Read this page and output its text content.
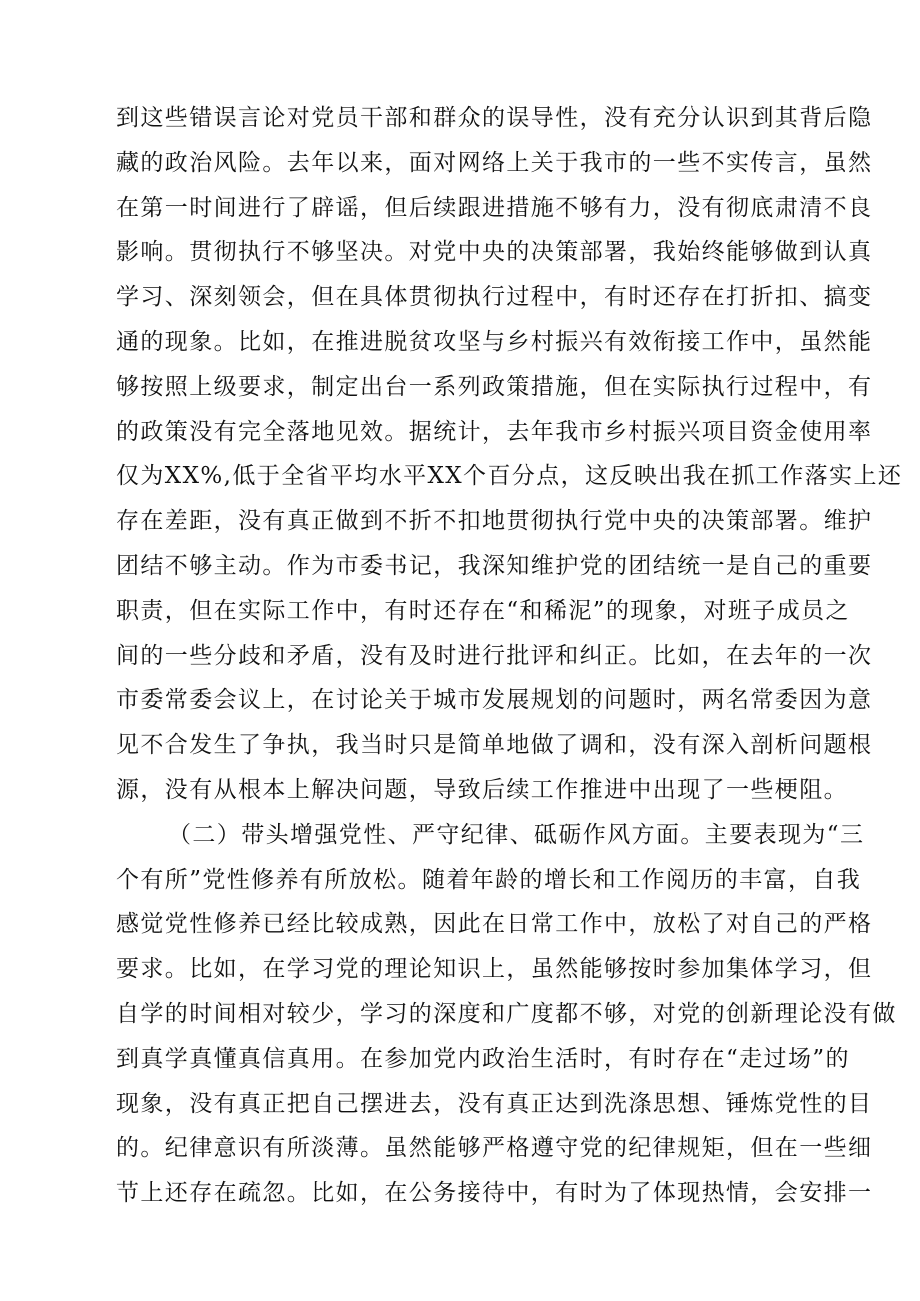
到这些错误言论对党员干部和群众的误导性，没有充分认识到其背后隐
藏的政治风险。去年以来，面对网络上关于我市的一些不实传言，虽然
在第一时间进行了辟谣，但后续跟进措施不够有力，没有彻底肃清不良
影响。贯彻执行不够坚决。对党中央的决策部署，我始终能够做到认真
学习、深刻领会，但在具体贯彻执行过程中，有时还存在打折扣、搞变
通的现象。比如，在推进脱贫攻坚与乡村振兴有效衔接工作中，虽然能
够按照上级要求，制定出台一系列政策措施，但在实际执行过程中，有
的政策没有完全落地见效。据统计，去年我市乡村振兴项目资金使用率
仅为XX%,低于全省平均水平XX个百分点，这反映出我在抓工作落实上还
存在差距，没有真正做到不折不扣地贯彻执行党中央的决策部署。维护
团结不够主动。作为市委书记，我深知维护党的团结统一是自己的重要
职责，但在实际工作中，有时还存在“和稀泥”的现象，对班子成员之
间的一些分歧和矛盾，没有及时进行批评和纠正。比如，在去年的一次
市委常委会议上，在讨论关于城市发展规划的问题时，两名常委因为意
见不合发生了争执，我当时只是简单地做了调和，没有深入剖析问题根
源，没有从根本上解决问题，导致后续工作推进中出现了一些梗阻。
（二）带头增强党性、严守纪律、砥砺作风方面。主要表现为“三
个有所”党性修养有所放松。随着年龄的增长和工作阅历的丰富，自我
感觉党性修养已经比较成熟，因此在日常工作中，放松了对自己的严格
要求。比如，在学习党的理论知识上，虽然能够按时参加集体学习，但
自学的时间相对较少，学习的深度和广度都不够，对党的创新理论没有做
到真学真懂真信真用。在参加党内政治生活时，有时存在“走过场”的
现象，没有真正把自己摆进去，没有真正达到洗涤思想、锤炼党性的目
的。纪律意识有所淡薄。虽然能够严格遵守党的纪律规矩，但在一些细
节上还存在疏忽。比如，在公务接待中，有时为了体现热情，会安排一
